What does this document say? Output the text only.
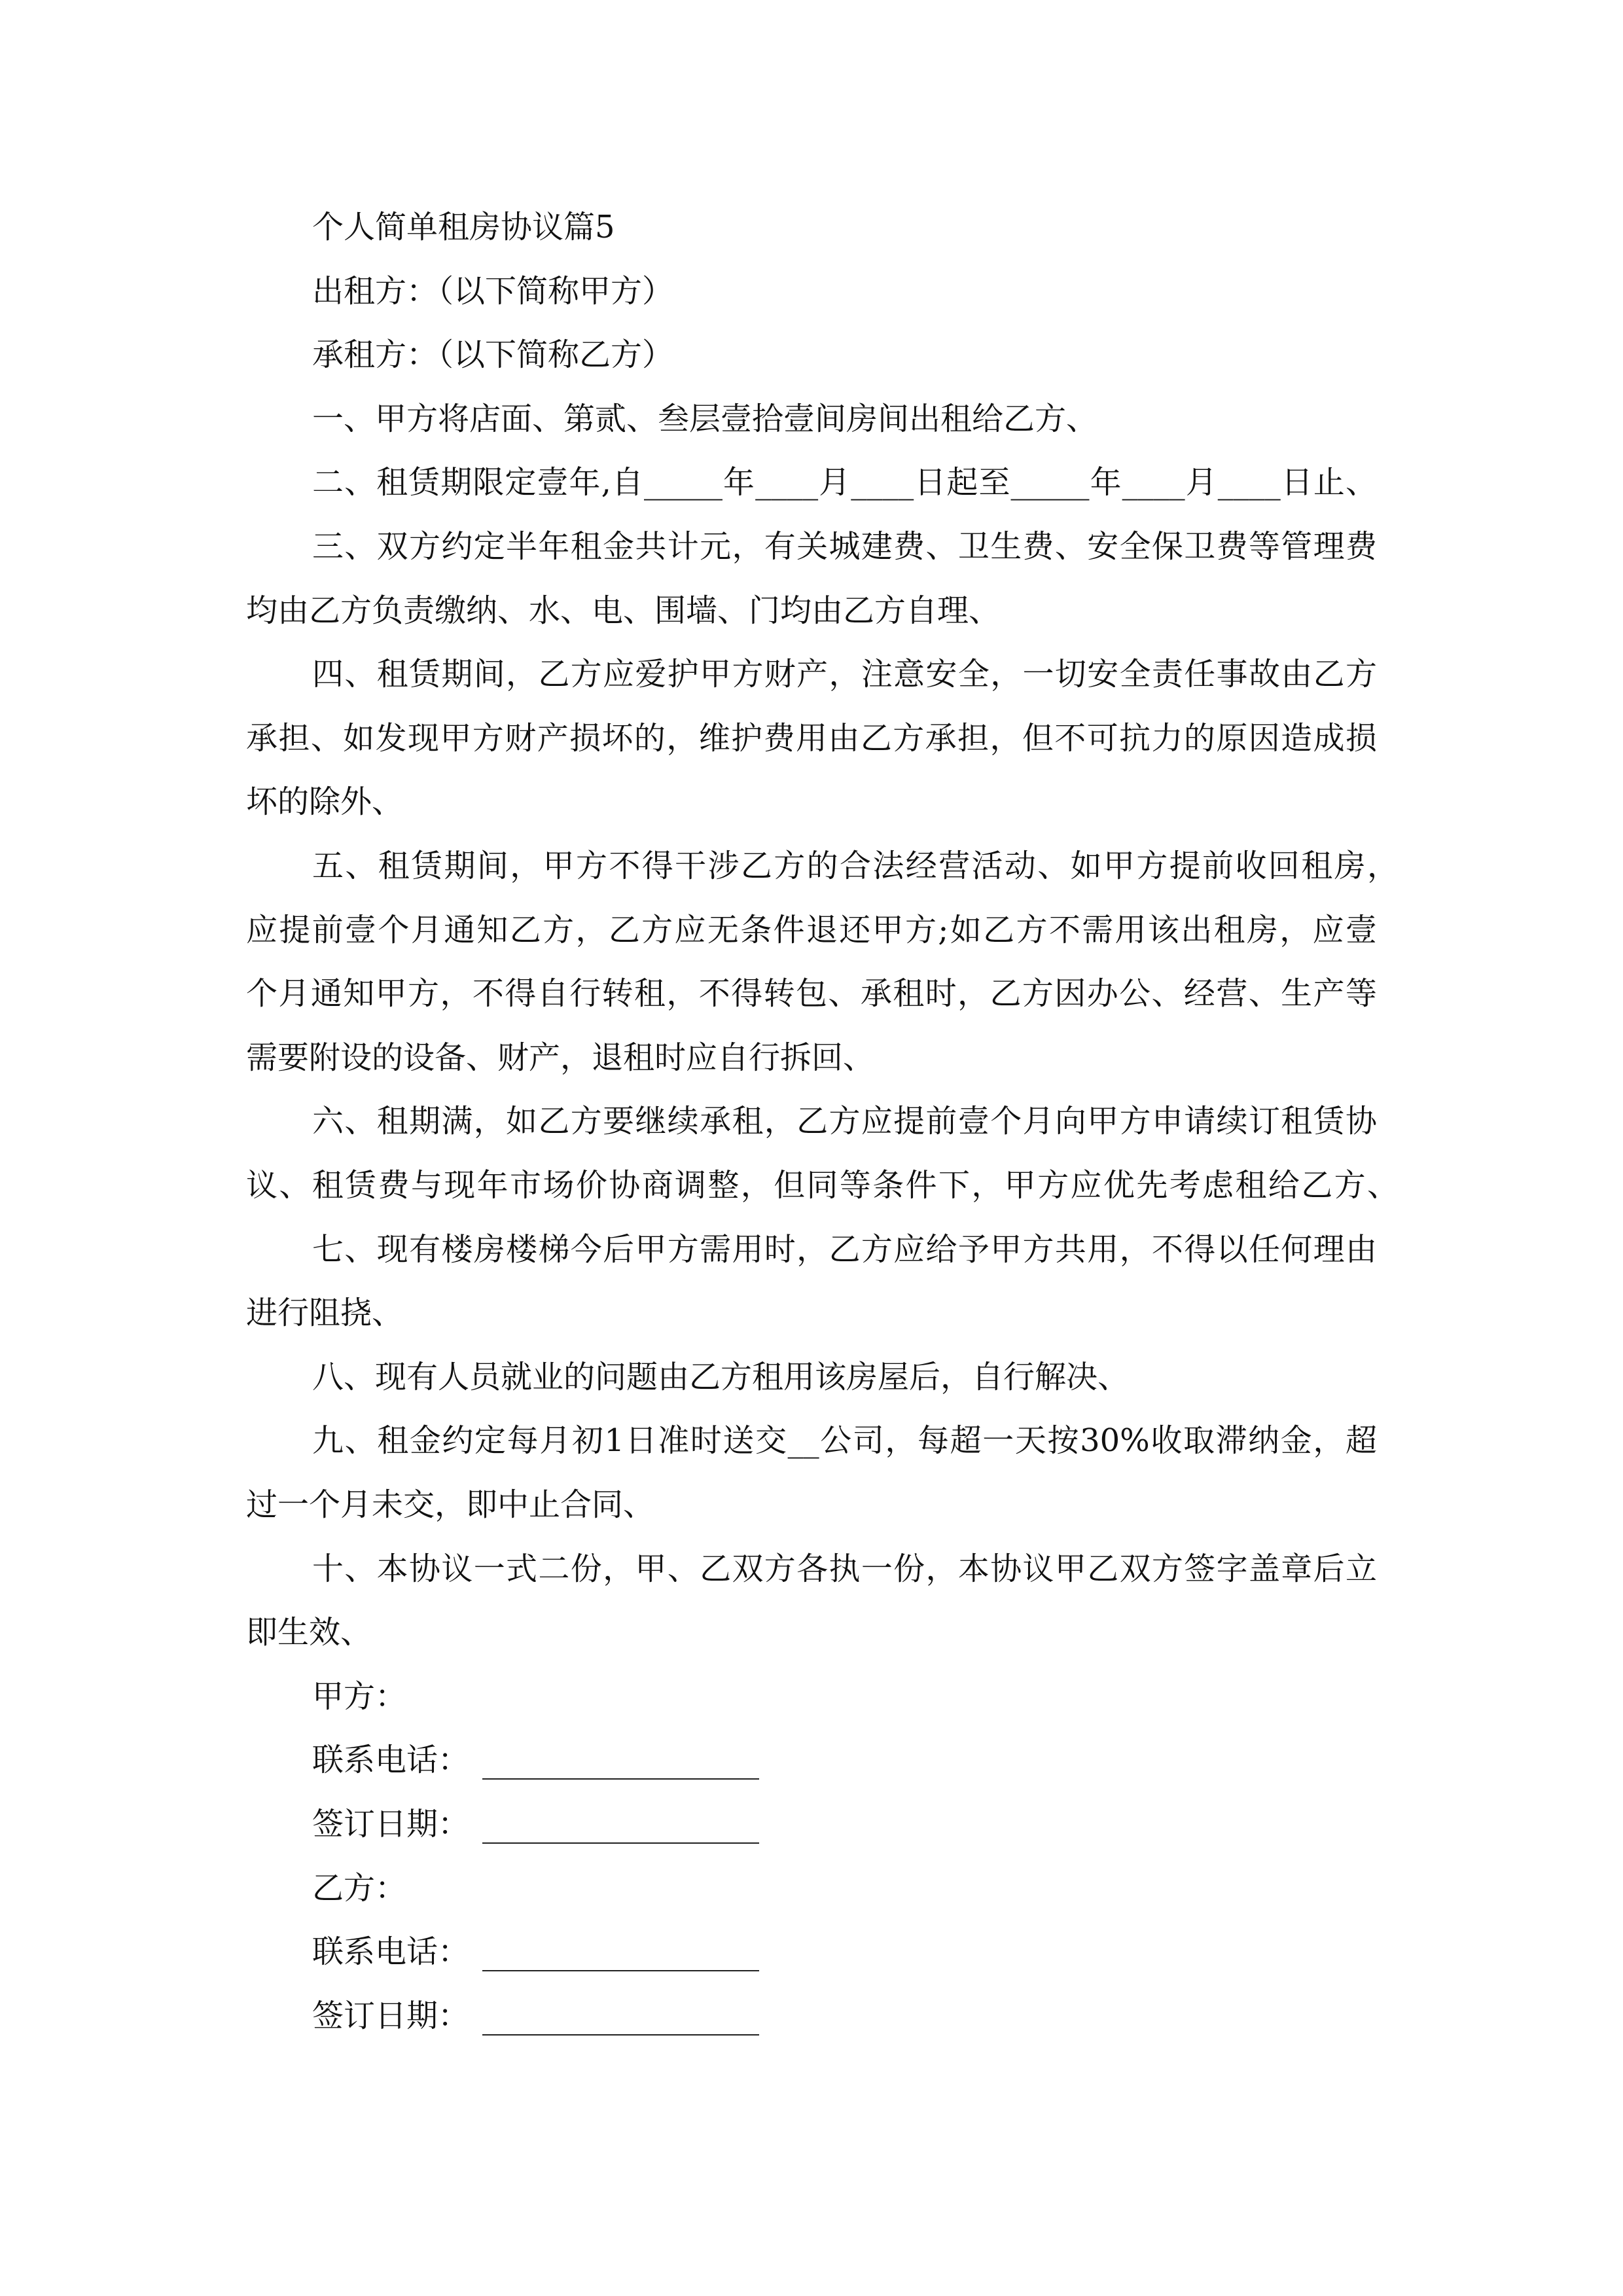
个人简单租房协议篇5
出租方：（以下简称甲方）
承租方：（以下简称乙方）
一、甲方将店面、第贰、叁层壹拾壹间房间出租给乙方、
二、租赁期限定壹年,自_____年____月____日起至_____年____月____日止、
三、双方约定半年租金共计元，有关城建费、卫生费、安全保卫费等管理费
均由乙方负责缴纳、水、电、围墙、门均由乙方自理、
四、租赁期间，乙方应爱护甲方财产，注意安全，一切安全责任事故由乙方
承担、如发现甲方财产损坏的，维护费用由乙方承担，但不可抗力的原因造成损
坏的除外、
五、租赁期间，甲方不得干涉乙方的合法经营活动、如甲方提前收回租房，
应提前壹个月通知乙方，乙方应无条件退还甲方;如乙方不需用该出租房，应壹
个月通知甲方，不得自行转租，不得转包、承租时，乙方因办公、经营、生产等
需要附设的设备、财产，退租时应自行拆回、
六、租期满，如乙方要继续承租，乙方应提前壹个月向甲方申请续订租赁协
议、租赁费与现年市场价协商调整，但同等条件下，甲方应优先考虑租给乙方、
七、现有楼房楼梯今后甲方需用时，乙方应给予甲方共用，不得以任何理由
进行阻挠、
八、现有人员就业的问题由乙方租用该房屋后，自行解决、
九、租金约定每月初1日准时送交__公司，每超一天按30%收取滞纳金，超
过一个月未交，即中止合同、
十、本协议一式二份，甲、乙双方各执一份，本协议甲乙双方签字盖章后立
即生效、
甲方：
联系电话：
签订日期：
乙方：
联系电话：
签订日期：
